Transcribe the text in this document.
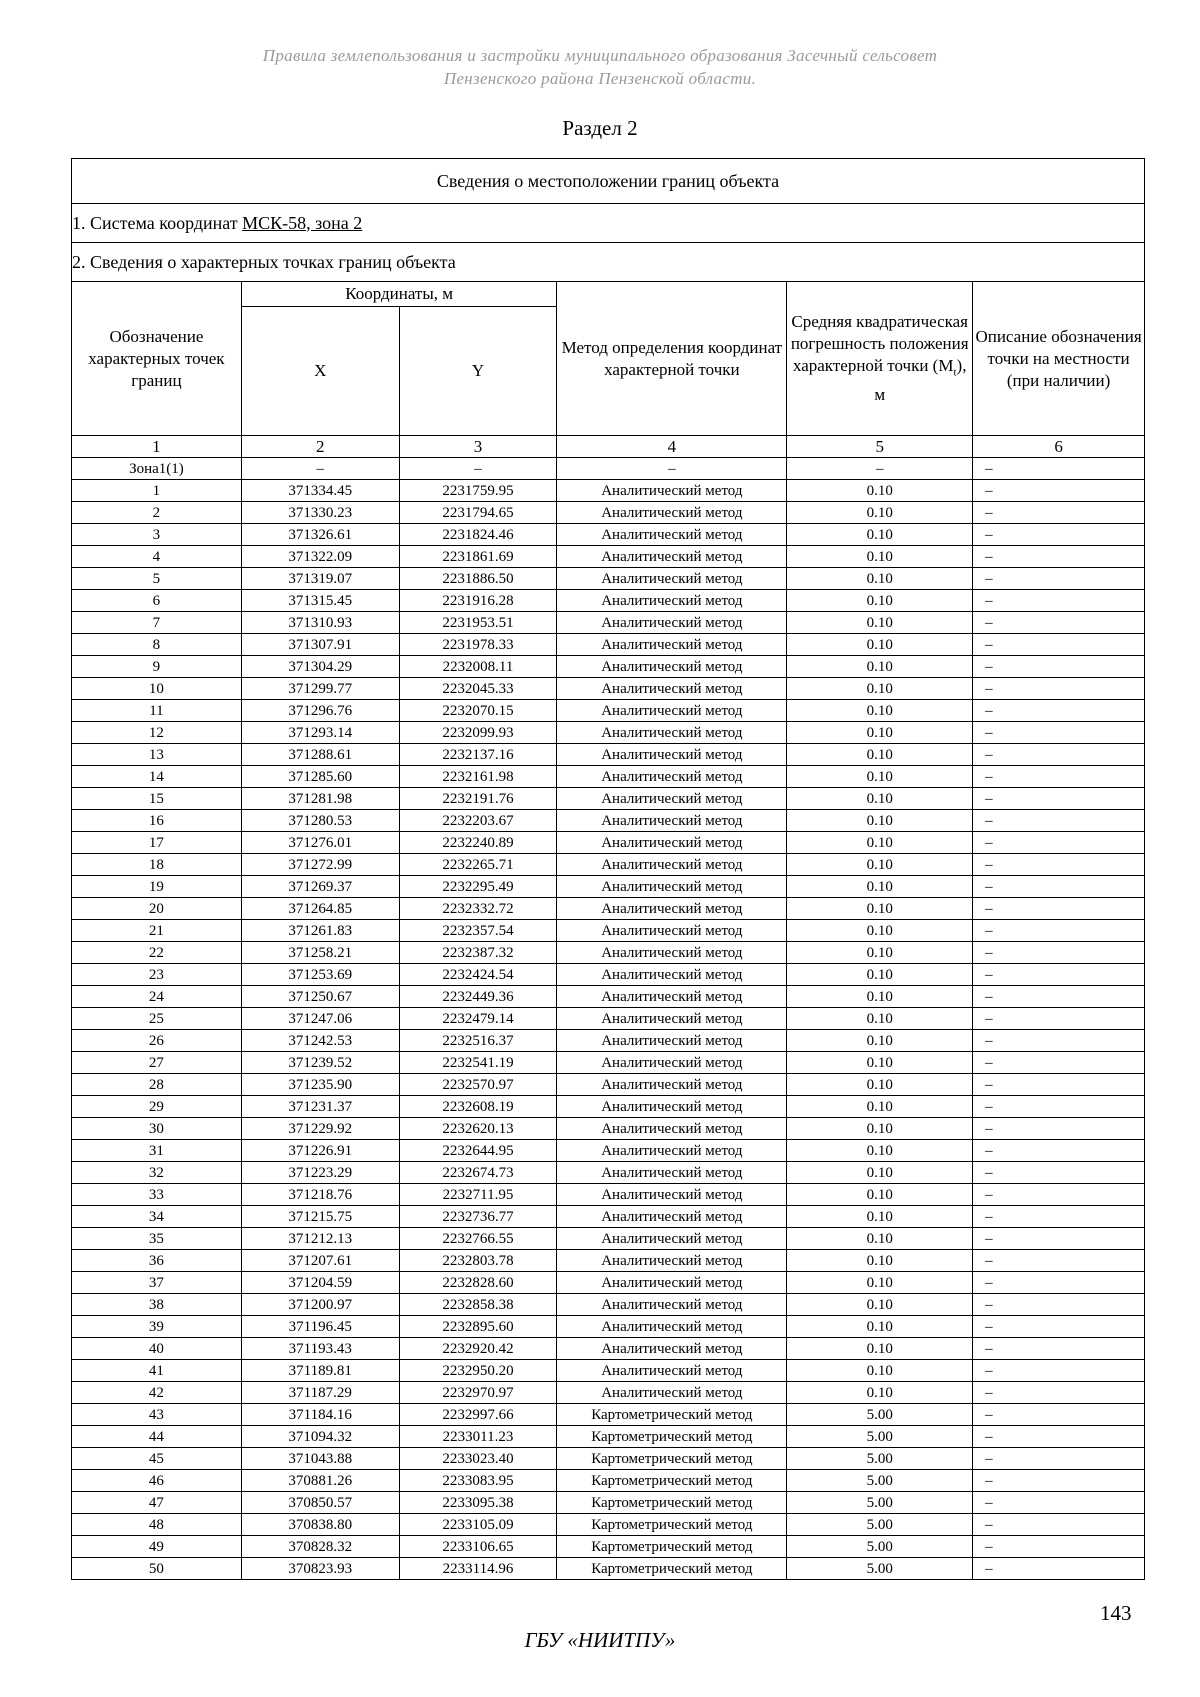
Правила землепользования и застройки муниципального образования Засечный сельсовет
Пензенского района Пензенской области.
Раздел 2
Сведения о местоположении границ объекта					
1. Система координат МСК-58, зона 2					
2. Сведения о характерных точках границ объекта					
Обозначение характерных точек границ	Координаты, м		Метод определения координат характерной точки	Средняя квадратическая погрешность положения характерной точки $(M_t)$, м	Описание обозначения точки на местности (при наличии)
	X	Y			
1	2	3	4	5	6
Зона1(1)	–	–	–	–	–
1	371334.45	2231759.95	Аналитический метод	0.10	–
2	371330.23	2231794.65	Аналитический метод	0.10	–
3	371326.61	2231824.46	Аналитический метод	0.10	–
4	371322.09	2231861.69	Аналитический метод	0.10	–
5	371319.07	2231886.50	Аналитический метод	0.10	–
6	371315.45	2231916.28	Аналитический метод	0.10	–
7	371310.93	2231953.51	Аналитический метод	0.10	–
8	371307.91	2231978.33	Аналитический метод	0.10	–
9	371304.29	2232008.11	Аналитический метод	0.10	–
10	371299.77	2232045.33	Аналитический метод	0.10	–
11	371296.76	2232070.15	Аналитический метод	0.10	–
12	371293.14	2232099.93	Аналитический метод	0.10	–
13	371288.61	2232137.16	Аналитический метод	0.10	–
14	371285.60	2232161.98	Аналитический метод	0.10	–
15	371281.98	2232191.76	Аналитический метод	0.10	–
16	371280.53	2232203.67	Аналитический метод	0.10	–
17	371276.01	2232240.89	Аналитический метод	0.10	–
18	371272.99	2232265.71	Аналитический метод	0.10	–
19	371269.37	2232295.49	Аналитический метод	0.10	–
20	371264.85	2232332.72	Аналитический метод	0.10	–
21	371261.83	2232357.54	Аналитический метод	0.10	–
22	371258.21	2232387.32	Аналитический метод	0.10	–
23	371253.69	2232424.54	Аналитический метод	0.10	–
24	371250.67	2232449.36	Аналитический метод	0.10	–
25	371247.06	2232479.14	Аналитический метод	0.10	–
26	371242.53	2232516.37	Аналитический метод	0.10	–
27	371239.52	2232541.19	Аналитический метод	0.10	–
28	371235.90	2232570.97	Аналитический метод	0.10	–
29	371231.37	2232608.19	Аналитический метод	0.10	–
30	371229.92	2232620.13	Аналитический метод	0.10	–
31	371226.91	2232644.95	Аналитический метод	0.10	–
32	371223.29	2232674.73	Аналитический метод	0.10	–
33	371218.76	2232711.95	Аналитический метод	0.10	–
34	371215.75	2232736.77	Аналитический метод	0.10	–
35	371212.13	2232766.55	Аналитический метод	0.10	–
36	371207.61	2232803.78	Аналитический метод	0.10	–
37	371204.59	2232828.60	Аналитический метод	0.10	–
38	371200.97	2232858.38	Аналитический метод	0.10	–
39	371196.45	2232895.60	Аналитический метод	0.10	–
40	371193.43	2232920.42	Аналитический метод	0.10	–
41	371189.81	2232950.20	Аналитический метод	0.10	–
42	371187.29	2232970.97	Аналитический метод	0.10	–
43	371184.16	2232997.66	Картометрический метод	5.00	–
44	371094.32	2233011.23	Картометрический метод	5.00	–
45	371043.88	2233023.40	Картометрический метод	5.00	–
46	370881.26	2233083.95	Картометрический метод	5.00	–
47	370850.57	2233095.38	Картометрический метод	5.00	–
48	370838.80	2233105.09	Картометрический метод	5.00	–
49	370828.32	2233106.65	Картометрический метод	5.00	–
50	370823.93	2233114.96	Картометрический метод	5.00	–
143
ГБУ «НИИТПУ»
